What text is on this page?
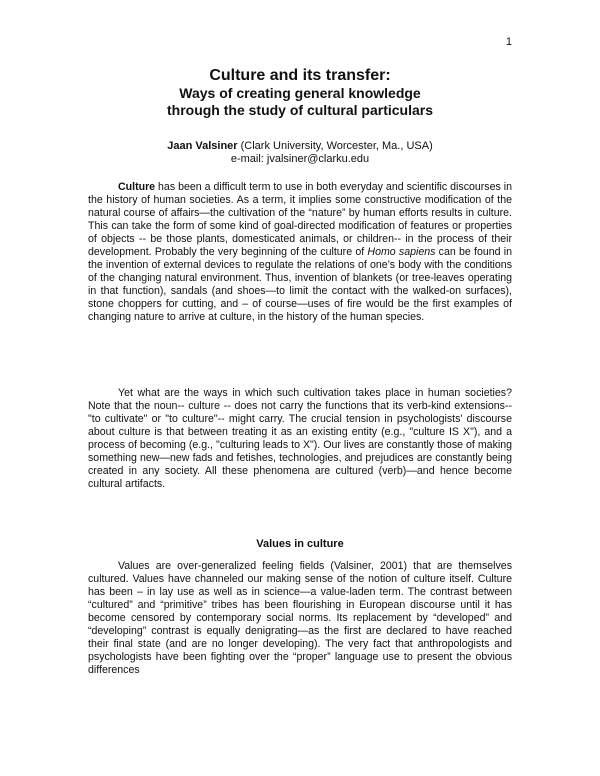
1
Culture and its transfer:
Ways of creating general knowledge
through the study of cultural particulars
Jaan Valsiner (Clark University, Worcester, Ma., USA)
e-mail: jvalsiner@clarku.edu

Culture has been a difficult term to use in both everyday and scientific discourses in the history of human societies. As a term, it implies some constructive modification of the natural course of affairs—the cultivation of the “nature” by human efforts results in culture. This can take the form of some kind of goal-directed modification of features or properties of objects -- be those plants, domesticated animals, or children-- in the process of their development. Probably the very beginning of the culture of Homo sapiens can be found in the invention of external devices to regulate the relations of one’s body with the conditions of the changing natural environment. Thus, invention of blankets (or tree-leaves operating in that function), sandals (and shoes—to limit the contact with the walked-on surfaces), stone choppers for cutting, and – of course—uses of fire would be the first examples of changing nature to arrive at culture, in the history of the human species.

Yet what are the ways in which such cultivation takes place in human societies? Note that the noun-- culture -- does not carry the functions that its verb-kind extensions-- "to cultivate" or "to culture"-- might carry. The crucial tension in psychologists' discourse about culture is that between treating it as an existing entity (e.g., "culture IS X"), and a process of becoming (e.g., "culturing leads to X"). Our lives are constantly those of making something new—new fads and fetishes, technologies, and prejudices are constantly being created in any society. All these phenomena are cultured (verb)—and hence become cultural artifacts.

Values in culture

Values are over-generalized feeling fields (Valsiner, 2001) that are themselves cultured. Values have channeled our making sense of the notion of culture itself. Culture has been – in lay use as well as in science—a value-laden term. The contrast between “cultured” and “primitive” tribes has been flourishing in European discourse until it has become censored by contemporary social norms. Its replacement by “developed” and “developing” contrast is equally denigrating—as the first are declared to have reached their final state (and are no longer developing). The very fact that anthropologists and psychologists have been fighting over the “proper” language use to present the obvious differences
